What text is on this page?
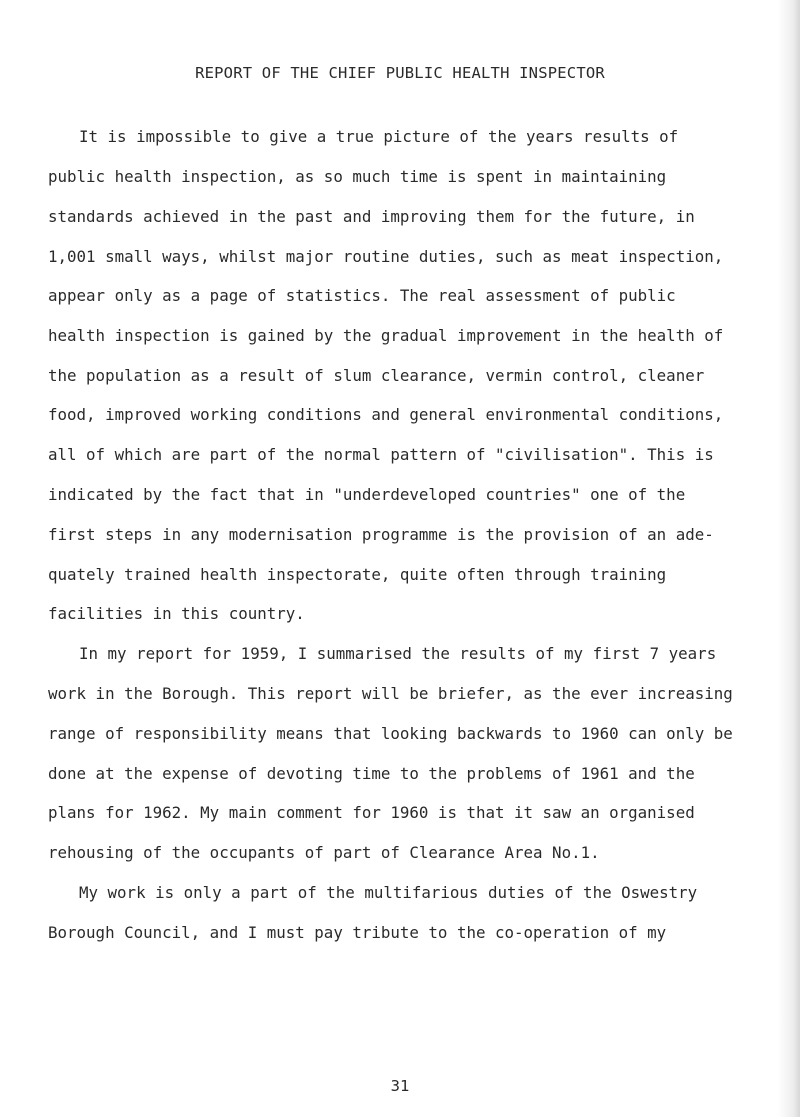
REPORT OF THE CHIEF PUBLIC HEALTH INSPECTOR
It is impossible to give a true picture of the years results of
public health inspection, as so much time is spent in maintaining
standards achieved in the past and improving them for the future, in
1,001 small ways, whilst major routine duties, such as meat inspection,
appear only as a page of statistics. The real assessment of public
health inspection is gained by the gradual improvement in the health of
the population as a result of slum clearance, vermin control, cleaner
food, improved working conditions and general environmental conditions,
all of which are part of the normal pattern of "civilisation". This is
indicated by the fact that in "underdeveloped countries" one of the
first steps in any modernisation programme is the provision of an ade-
quately trained health inspectorate, quite often through training
facilities in this country.
In my report for 1959, I summarised the results of my first 7 years
work in the Borough. This report will be briefer, as the ever increasing
range of responsibility means that looking backwards to 1960 can only be
done at the expense of devoting time to the problems of 1961 and the
plans for 1962. My main comment for 1960 is that it saw an organised
rehousing of the occupants of part of Clearance Area No.1.
My work is only a part of the multifarious duties of the Oswestry
Borough Council, and I must pay tribute to the co-operation of my
31
